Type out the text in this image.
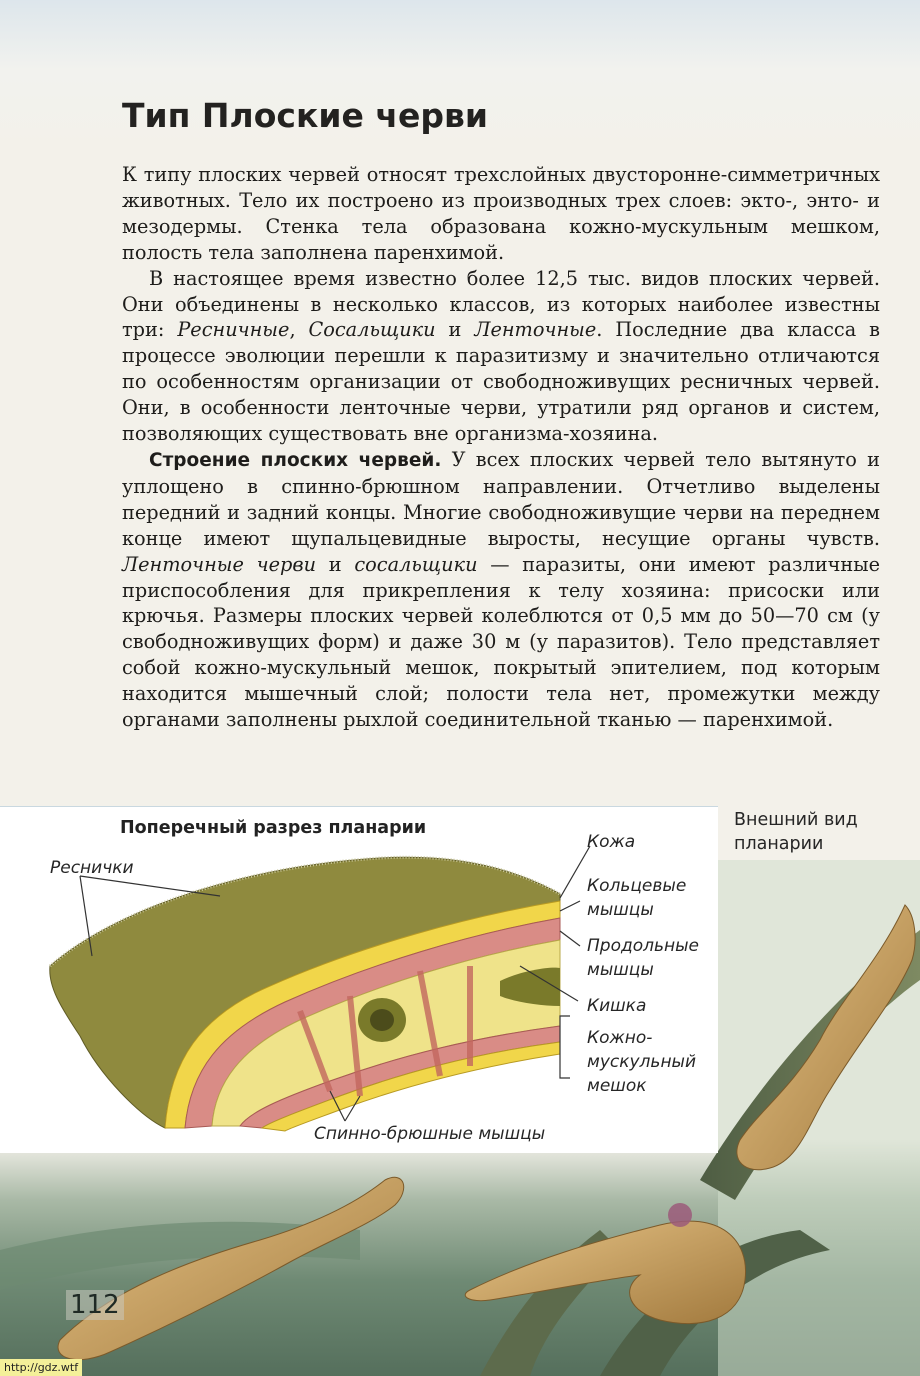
Тип Плоские черви

К типу плоских червей относят трехслойных двусторонне-симметричных животных. Тело их построено из производных трех слоев: экто-, энто- и мезодермы. Стенка тела образована кожно-мускульным мешком, полость тела заполнена паренхимой.

В настоящее время известно более 12,5 тыс. видов плоских червей. Они объединены в несколько классов, из которых наиболее известны три: Ресничные, Сосальщики и Ленточные. Последние два класса в процессе эволюции перешли к паразитизму и значительно отличаются по особенностям организации от свободноживущих ресничных червей. Они, в особенности ленточные черви, утратили ряд органов и систем, позволяющих существовать вне организма-хозяина.

Строение плоских червей. У всех плоских червей тело вытянуто и уплощено в спинно-брюшном направлении. Отчетливо выделены передний и задний концы. Многие свободноживущие черви на переднем конце имеют щупальцевидные выросты, несущие органы чувств. Ленточные черви и сосальщики — паразиты, они имеют различные приспособления для прикрепления к телу хозяина: присоски или крючья. Размеры плоских червей колеблются от 0,5 мм до 50—70 см (у свободноживущих форм) и даже 30 м (у паразитов). Тело представляет собой кожно-мускульный мешок, покрытый эпителием, под которым находится мышечный слой; полости тела нет, промежутки между органами заполнены рыхлой соединительной тканью — паренхимой.

Поперечный разрез планарии
Реснички
Кожа
Кольцевые
мышцы
Продольные
мышцы
Кишка
Кожно-
мускульный
мешок
Спинно-брюшные мышцы
Внешний вид
планарии
112
http://gdz.wtf
